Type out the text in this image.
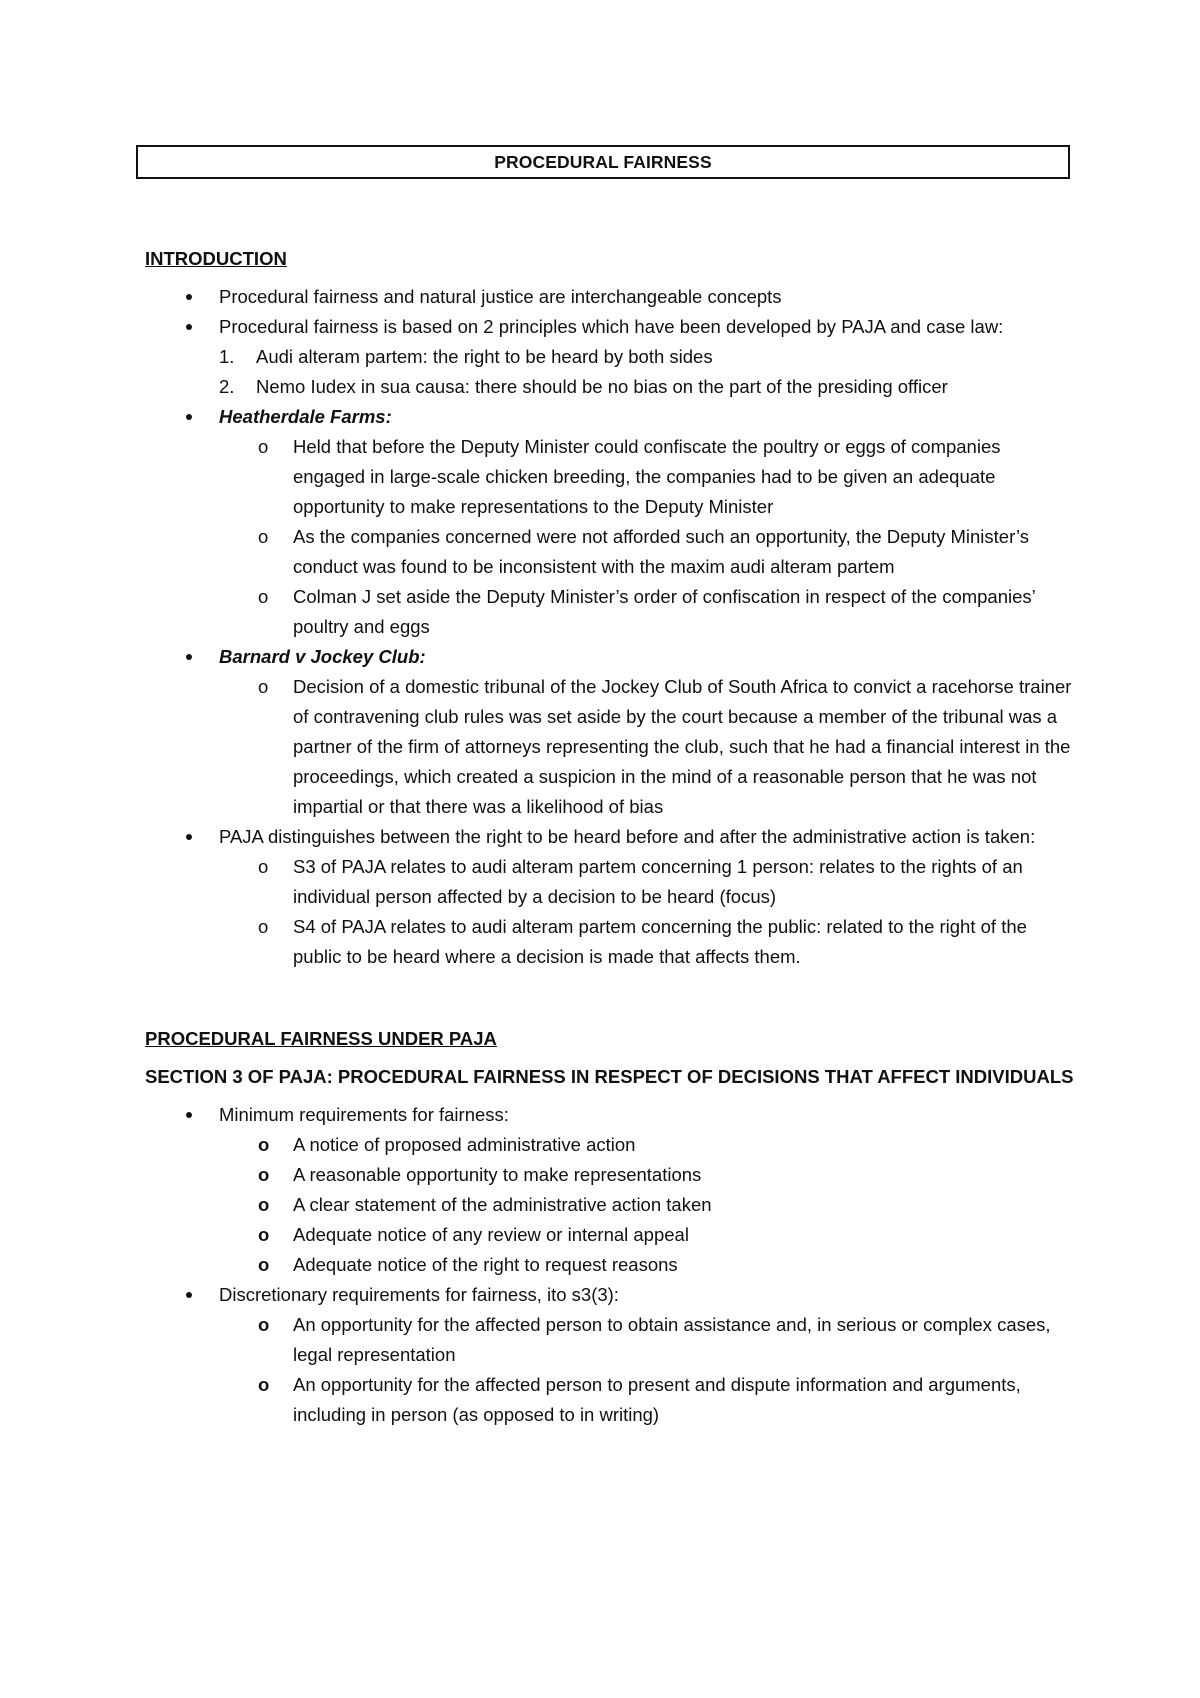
PROCEDURAL FAIRNESS
INTRODUCTION
Procedural fairness and natural justice are interchangeable concepts
Procedural fairness is based on 2 principles which have been developed by PAJA and case law:
1. Audi alteram partem: the right to be heard by both sides
2. Nemo Iudex in sua causa: there should be no bias on the part of the presiding officer
Heatherdale Farms:
o Held that before the Deputy Minister could confiscate the poultry or eggs of companies engaged in large-scale chicken breeding, the companies had to be given an adequate opportunity to make representations to the Deputy Minister
o As the companies concerned were not afforded such an opportunity, the Deputy Minister’s conduct was found to be inconsistent with the maxim audi alteram partem
o Colman J set aside the Deputy Minister’s order of confiscation in respect of the companies’ poultry and eggs
Barnard v Jockey Club:
o Decision of a domestic tribunal of the Jockey Club of South Africa to convict a racehorse trainer of contravening club rules was set aside by the court because a member of the tribunal was a partner of the firm of attorneys representing the club, such that he had a financial interest in the proceedings, which created a suspicion in the mind of a reasonable person that he was not impartial or that there was a likelihood of bias
PAJA distinguishes between the right to be heard before and after the administrative action is taken:
o S3 of PAJA relates to audi alteram partem concerning 1 person: relates to the rights of an individual person affected by a decision to be heard (focus)
o S4 of PAJA relates to audi alteram partem concerning the public: related to the right of the public to be heard where a decision is made that affects them.
PROCEDURAL FAIRNESS UNDER PAJA
SECTION 3 OF PAJA: PROCEDURAL FAIRNESS IN RESPECT OF DECISIONS THAT AFFECT INDIVIDUALS
Minimum requirements for fairness:
o A notice of proposed administrative action
o A reasonable opportunity to make representations
o A clear statement of the administrative action taken
o Adequate notice of any review or internal appeal
o Adequate notice of the right to request reasons
Discretionary requirements for fairness, ito s3(3):
o An opportunity for the affected person to obtain assistance and, in serious or complex cases, legal representation
o An opportunity for the affected person to present and dispute information and arguments, including in person (as opposed to in writing)
